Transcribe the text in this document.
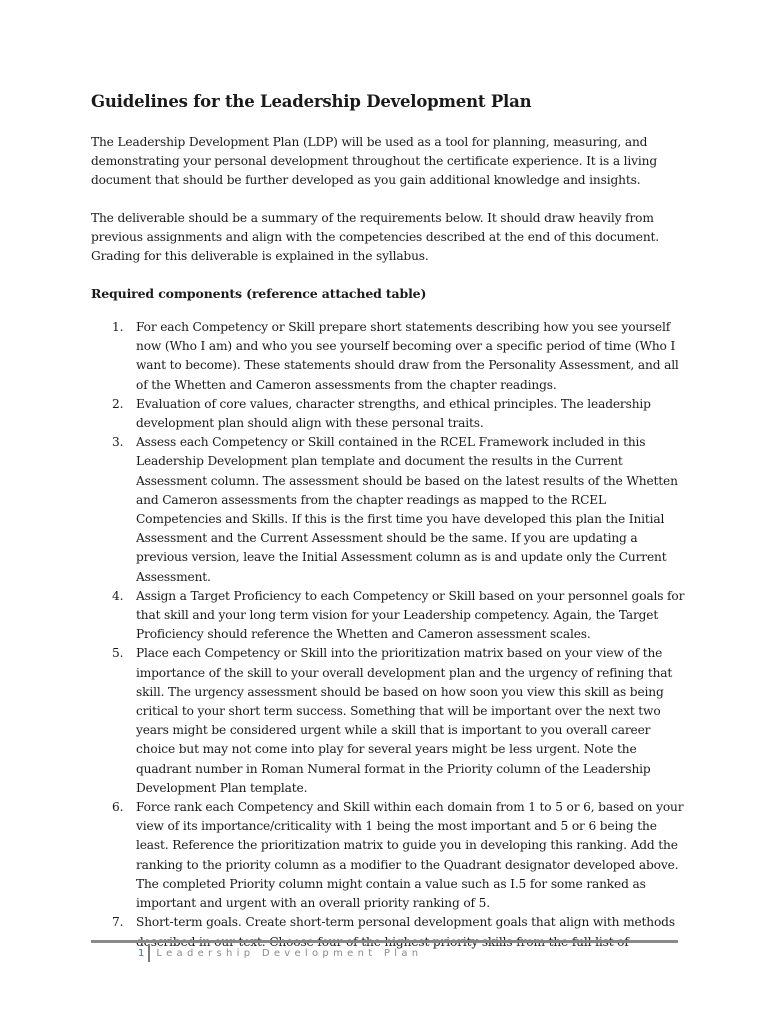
Guidelines for the Leadership Development Plan

The Leadership Development Plan (LDP) will be used as a tool for planning, measuring, and demonstrating your personal development throughout the certificate experience. It is a living document that should be further developed as you gain additional knowledge and insights.

The deliverable should be a summary of the requirements below. It should draw heavily from previous assignments and align with the competencies described at the end of this document. Grading for this deliverable is explained in the syllabus.

Required components (reference attached table)
1. For each Competency or Skill prepare short statements describing how you see yourself now (Who I am) and who you see yourself becoming over a specific period of time (Who I want to become). These statements should draw from the Personality Assessment, and all of the Whetten and Cameron assessments from the chapter readings.
2. Evaluation of core values, character strengths, and ethical principles. The leadership development plan should align with these personal traits.
3. Assess each Competency or Skill contained in the RCEL Framework included in this Leadership Development plan template and document the results in the Current Assessment column. The assessment should be based on the latest results of the Whetten and Cameron assessments from the chapter readings as mapped to the RCEL Competencies and Skills. If this is the first time you have developed this plan the Initial Assessment and the Current Assessment should be the same. If you are updating a previous version, leave the Initial Assessment column as is and update only the Current Assessment.
4. Assign a Target Proficiency to each Competency or Skill based on your personnel goals for that skill and your long term vision for your Leadership competency. Again, the Target Proficiency should reference the Whetten and Cameron assessment scales.
5. Place each Competency or Skill into the prioritization matrix based on your view of the importance of the skill to your overall development plan and the urgency of refining that skill. The urgency assessment should be based on how soon you view this skill as being critical to your short term success. Something that will be important over the next two years might be considered urgent while a skill that is important to you overall career choice but may not come into play for several years might be less urgent. Note the quadrant number in Roman Numeral format in the Priority column of the Leadership Development Plan template.
6. Force rank each Competency and Skill within each domain from 1 to 5 or 6, based on your view of its importance/criticality with 1 being the most important and 5 or 6 being the least. Reference the prioritization matrix to guide you in developing this ranking. Add the ranking to the priority column as a modifier to the Quadrant designator developed above. The completed Priority column might contain a value such as I.5 for some ranked as important and urgent with an overall priority ranking of 5.
7. Short-term goals. Create short-term personal development goals that align with methods
1	Leadership Development Plan
